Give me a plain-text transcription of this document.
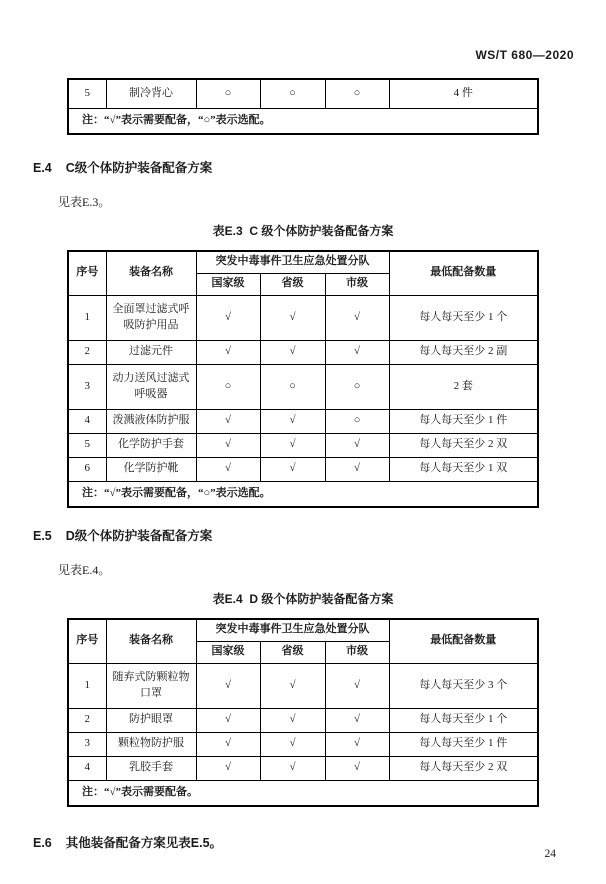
WS/T 680—2020
5	制冷背心	○	○	○	4 件
注：“√”表示需要配备，“○”表示选配。
E.4 C级个体防护装备配备方案
见表E.3。
表E.3  C 级个体防护装备配备方案
序号	装备名称	突发中毒事件卫生应急处置分队			最低配备数量
		国家级	省级	市级	
1	全面罩过滤式呼吸防护用品	√	√	√	每人每天至少 1 个
2	过滤元件	√	√	√	每人每天至少 2 副
3	动力送风过滤式呼吸器	○	○	○	2 套
4	泼溅液体防护服	√	√	○	每人每天至少 1 件
5	化学防护手套	√	√	√	每人每天至少 2 双
6	化学防护靴	√	√	√	每人每天至少 1 双
注：“√”表示需要配备，“○”表示选配。					
E.5 D级个体防护装备配备方案
见表E.4。
表E.4  D 级个体防护装备配备方案
序号	装备名称	突发中毒事件卫生应急处置分队			最低配备数量
		国家级	省级	市级	
1	随弃式防颗粒物口罩	√	√	√	每人每天至少 3 个
2	防护眼罩	√	√	√	每人每天至少 1 个
3	颗粒物防护服	√	√	√	每人每天至少 1 件
4	乳胶手套	√	√	√	每人每天至少 2 双
注：“√”表示需要配备。					
E.6 其他装备配备方案见表E.5。
24
